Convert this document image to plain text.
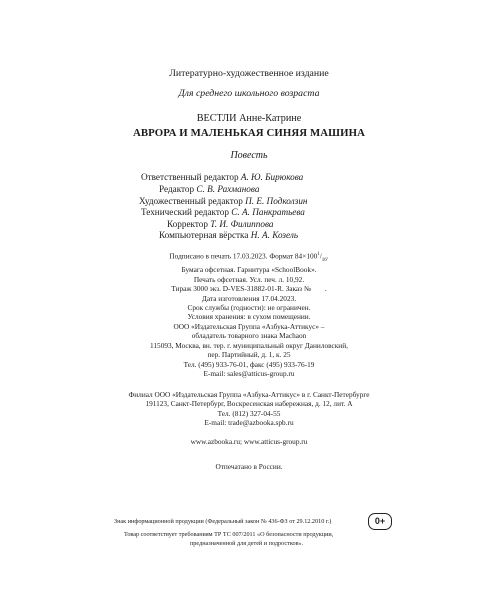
Литературно-художественное издание
Для среднего школьного возраста
ВЕСТЛИ Анне-Катрине
АВРОРА И МАЛЕНЬКАЯ СИНЯЯ МАШИНА
Повесть
Ответственный редактор А. Ю. Бирюкова
Редактор С. В. Рахманова
Художественный редактор П. Е. Подколзин
Технический редактор С. А. Панкратьева
Корректор Т. И. Филиппова
Компьютерная вёрстка Н. А. Козель
Подписано в печать 17.03.2023. Формат $84\times 100^1/_{16}$.
Бумага офсетная. Гарнитура «SchoolBook».
Печать офсетная. Усл. печ. л. 10,92.
Тираж 3000 экз. D-VES-31882-01-R. Заказ № .
Дата изготовления 17.04.2023.
Срок службы (годности): не ограничен.
Условия хранения: в сухом помещении.
ООО «Издательская Группа «Азбука-Аттикус» –
обладатель товарного знака Machaon
115093, Москва, вн. тер. г. муниципальный округ Даниловский,
пер. Партийный, д. 1, к. 25
Тел. (495) 933-76-01, факс (495) 933-76-19
E-mail: sales@atticus-group.ru
Филиал ООО «Издательская Группа «Азбука-Аттикус» в г. Санкт-Петербурге
191123, Санкт-Петербург, Воскресенская набережная, д. 12, лит. А
Тел. (812) 327-04-55
E-mail: trade@azbooka.spb.ru
www.azbooka.ru; www.atticus-group.ru
Отпечатано в России.
Знак информационной продукции (Федеральный закон № 436-ФЗ от 29.12.2010 г.)	0+
Товар соответствует требованиям ТР ТС 007/2011 «О безопасности продукции,
предназначенной для детей и подростков».
